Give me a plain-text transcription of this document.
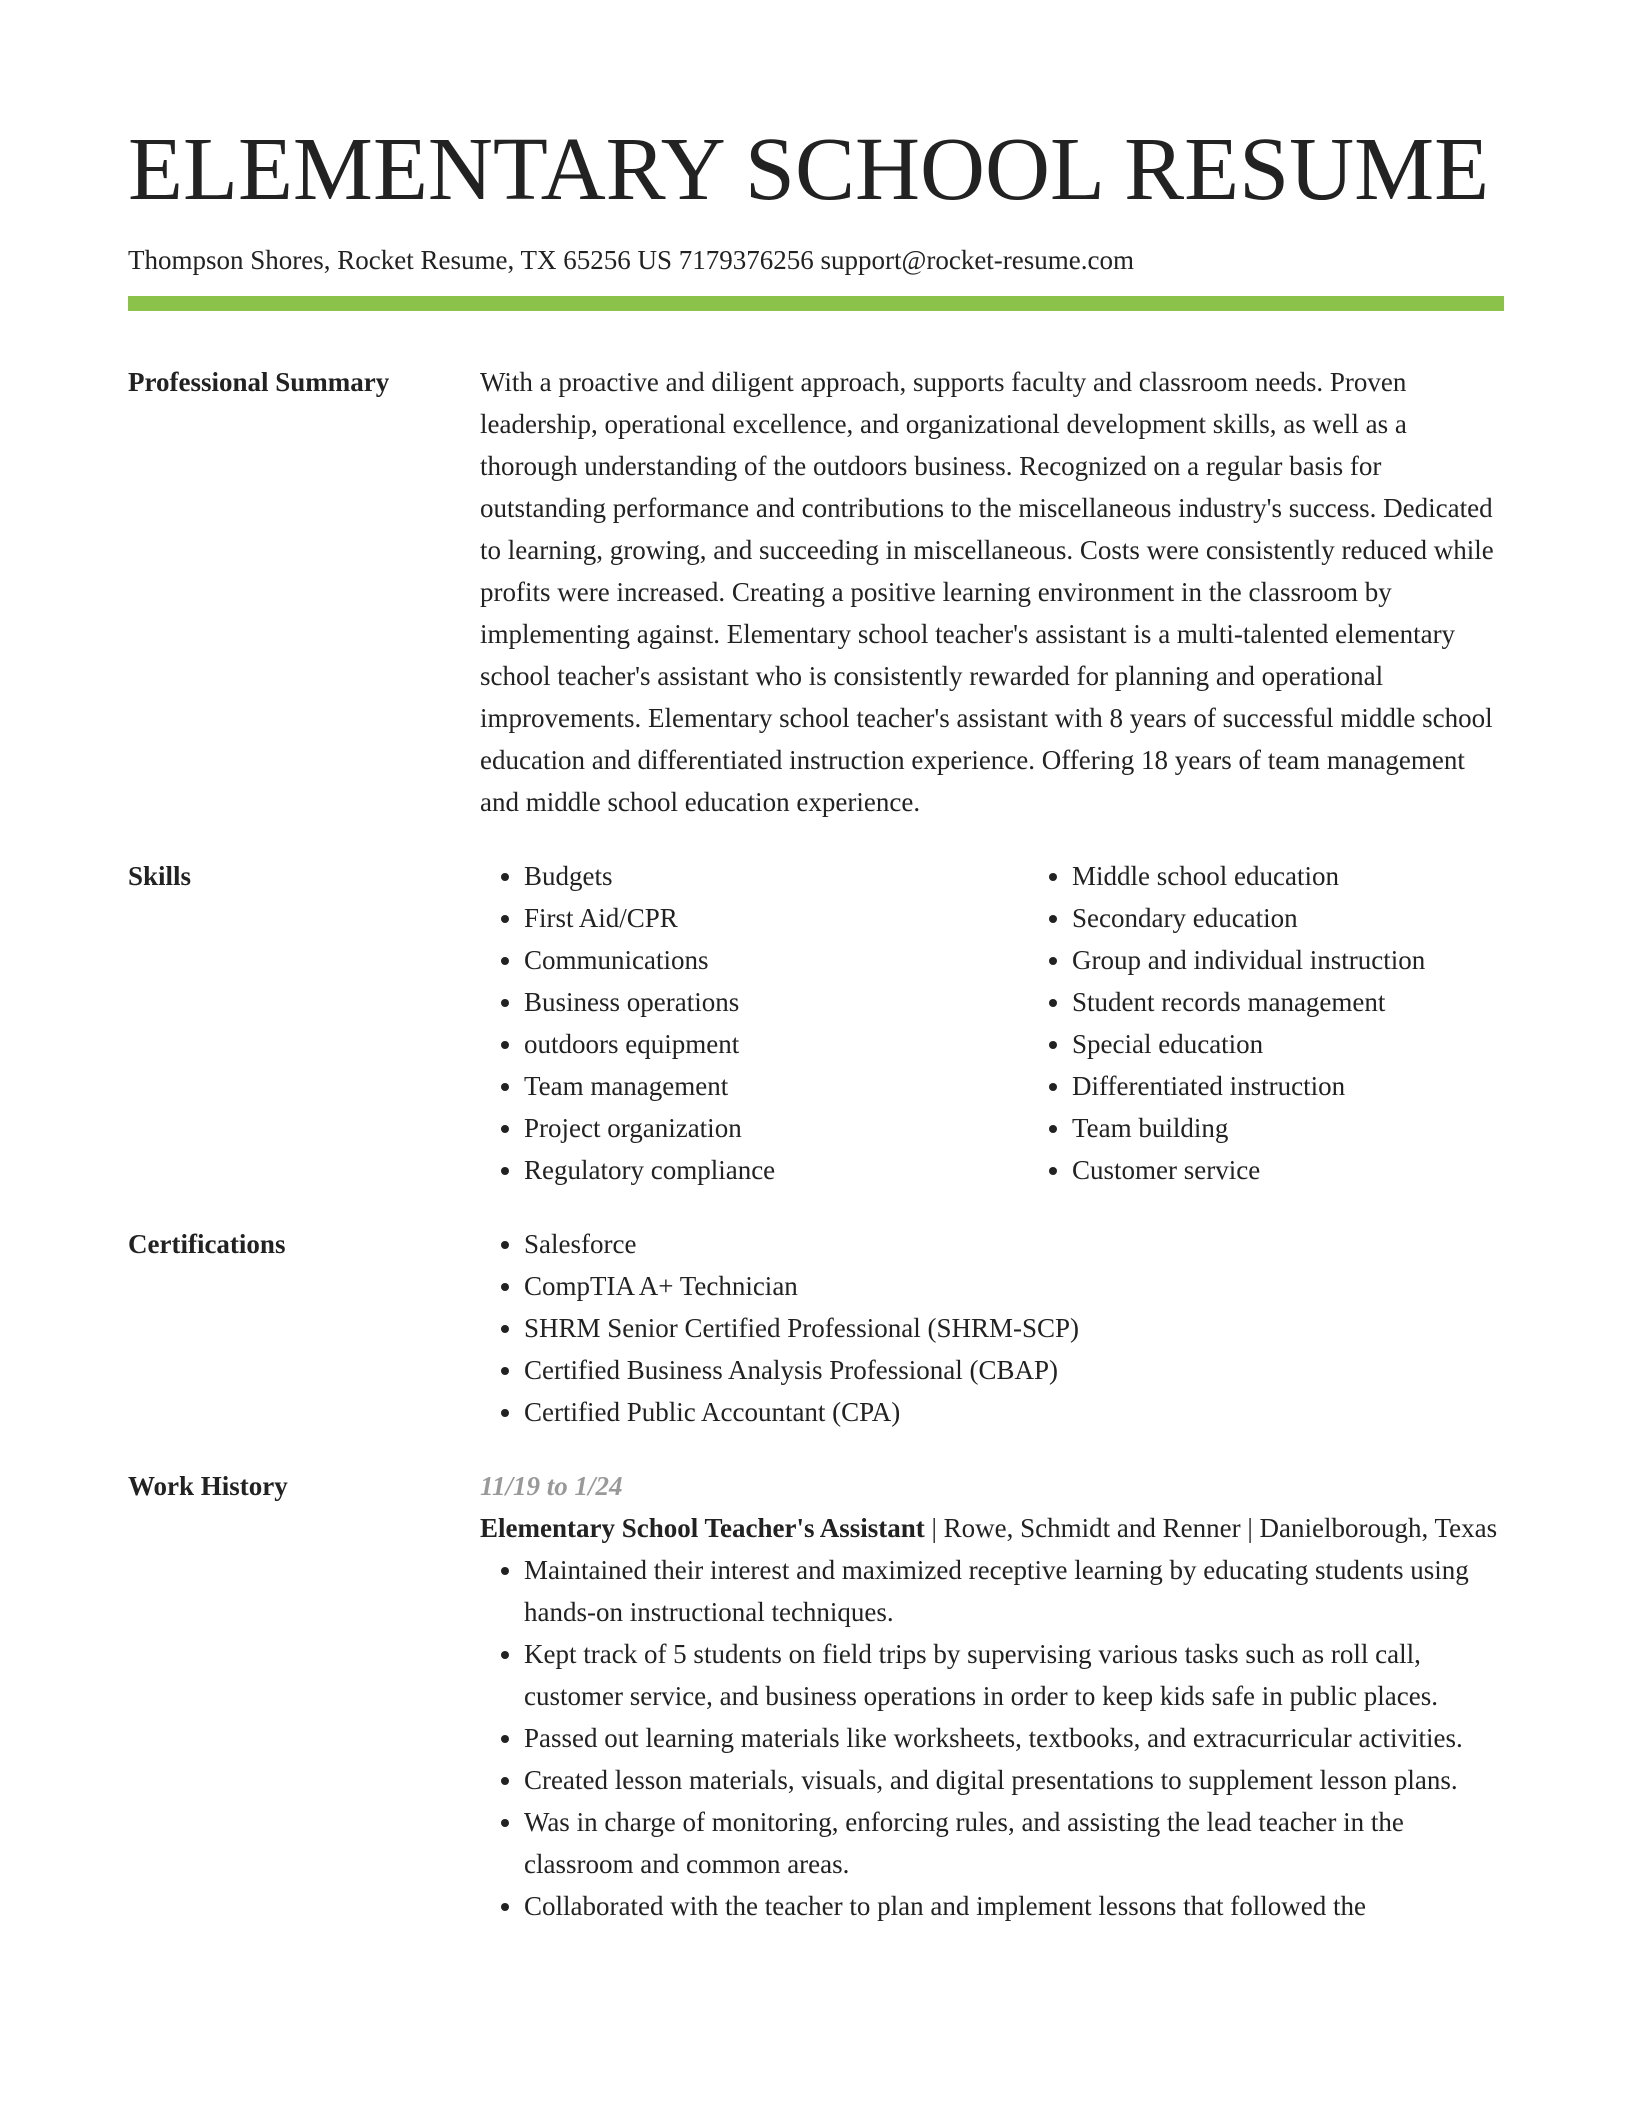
ELEMENTARY SCHOOL RESUME
Thompson Shores, Rocket Resume, TX 65256 US 7179376256 support@rocket-resume.com
Professional Summary	With a proactive and diligent approach, supports faculty and classroom needs. Proven leadership, operational excellence, and organizational development skills, as well as a thorough understanding of the outdoors business. Recognized on a regular basis for outstanding performance and contributions to the miscellaneous industry's success. Dedicated to learning, growing, and succeeding in miscellaneous. Costs were consistently reduced while profits were increased. Creating a positive learning environment in the classroom by implementing against. Elementary school teacher's assistant is a multi-talented elementary school teacher's assistant who is consistently rewarded for planning and operational improvements. Elementary school teacher's assistant with 8 years of successful middle school education and differentiated instruction experience. Offering 18 years of team management and middle school education experience.

Skills	• Budgets
• First Aid/CPR
• Communications
• Business operations
• outdoors equipment
• Team management
• Project organization
• Regulatory compliance
• Middle school education
• Secondary education
• Group and individual instruction
• Student records management
• Special education
• Differentiated instruction
• Team building
• Customer service
Certifications	• Salesforce
• CompTIA A+ Technician
• SHRM Senior Certified Professional (SHRM-SCP)
• Certified Business Analysis Professional (CBAP)
• Certified Public Accountant (CPA)
Work History	11/19 to 1/24

Elementary School Teacher's Assistant | Rowe, Schmidt and Renner | Danielborough, Texas

• Maintained their interest and maximized receptive learning by educating students using hands-on instructional techniques.
• Kept track of 5 students on field trips by supervising various tasks such as roll call, customer service, and business operations in order to keep kids safe in public places.
• Passed out learning materials like worksheets, textbooks, and extracurricular activities.
• Created lesson materials, visuals, and digital presentations to supplement lesson plans.
• Was in charge of monitoring, enforcing rules, and assisting the lead teacher in the classroom and common areas.
• Collaborated with the teacher to plan and implement lessons that followed the
